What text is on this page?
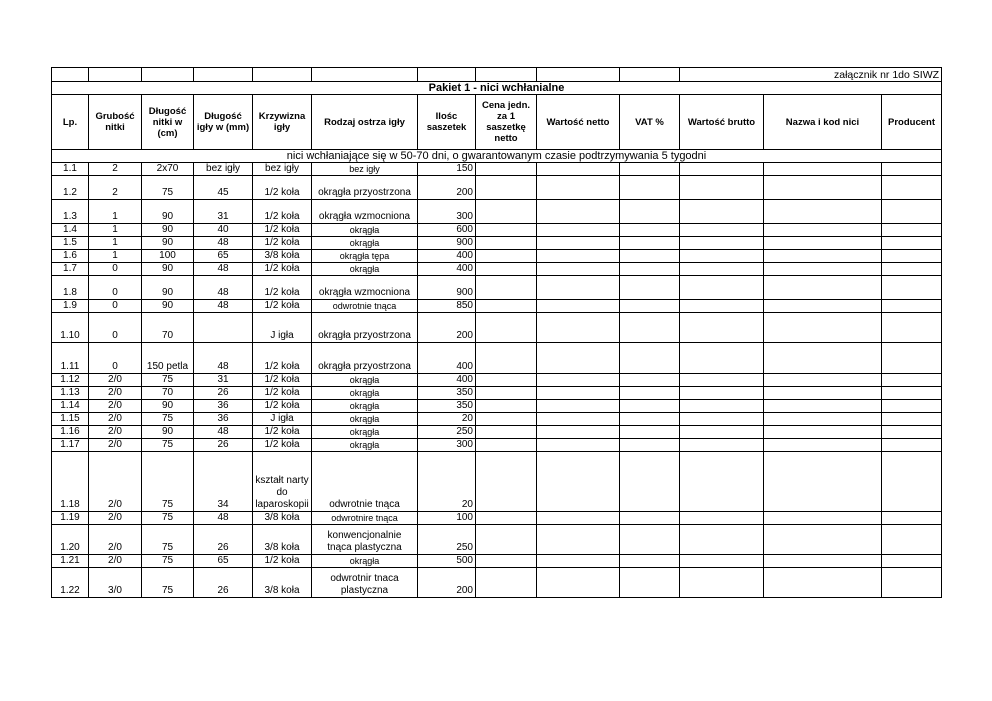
										załącznik nr 1do SIWZ		
Pakiet 1 - nici wchłanialne												
Lp.	Grubość nitki	Długość nitki w (cm)	Długość igły w (mm)	Krzywizna igły	Rodzaj ostrza igły	Ilośc saszetek	Cena jedn. za 1 saszetkę netto	Wartość netto	VAT %	Wartość brutto	Nazwa i kod nici	Producent
nici wchłaniające się w 50-70 dni, o gwarantowanym czasie podtrzymywania 5 tygodni												
1.1	2	2x70	bez igły	bez igły	bez igły	150						
1.2	2	75	45	1/2 koła	okrągła przyostrzona	200						
1.3	1	90	31	1/2 koła	okrągła wzmocniona	300						
1.4	1	90	40	1/2 koła	okrągła	600						
1.5	1	90	48	1/2 koła	okrągła	900						
1.6	1	100	65	3/8 koła	okrągła tępa	400						
1.7	0	90	48	1/2 koła	okrągła	400						
1.8	0	90	48	1/2 koła	okrągła wzmocniona	900						
1.9	0	90	48	1/2 koła	odwrotnie tnąca	850						
1.10	0	70		J igła	okrągła przyostrzona	200						
1.11	0	150 petla	48	1/2 koła	okrągła przyostrzona	400						
1.12	2/0	75	31	1/2 koła	okrągła	400						
1.13	2/0	70	26	1/2 koła	okrągła	350						
1.14	2/0	90	36	1/2 koła	okrągła	350						
1.15	2/0	75	36	J igła	okrągła	20						
1.16	2/0	90	48	1/2 koła	okrągła	250						
1.17	2/0	75	26	1/2 koła	okrągła	300						
1.18	2/0	75	34	kształt narty do laparoskopii	odwrotnie tnąca	20						
1.19	2/0	75	48	3/8 koła	odwrotnire tnąca	100						
1.20	2/0	75	26	3/8 koła	konwencjonalnie tnąca plastyczna	250						
1.21	2/0	75	65	1/2 koła	okrągła	500						
1.22	3/0	75	26	3/8 koła	odwrotnir tnaca plastyczna	200						
